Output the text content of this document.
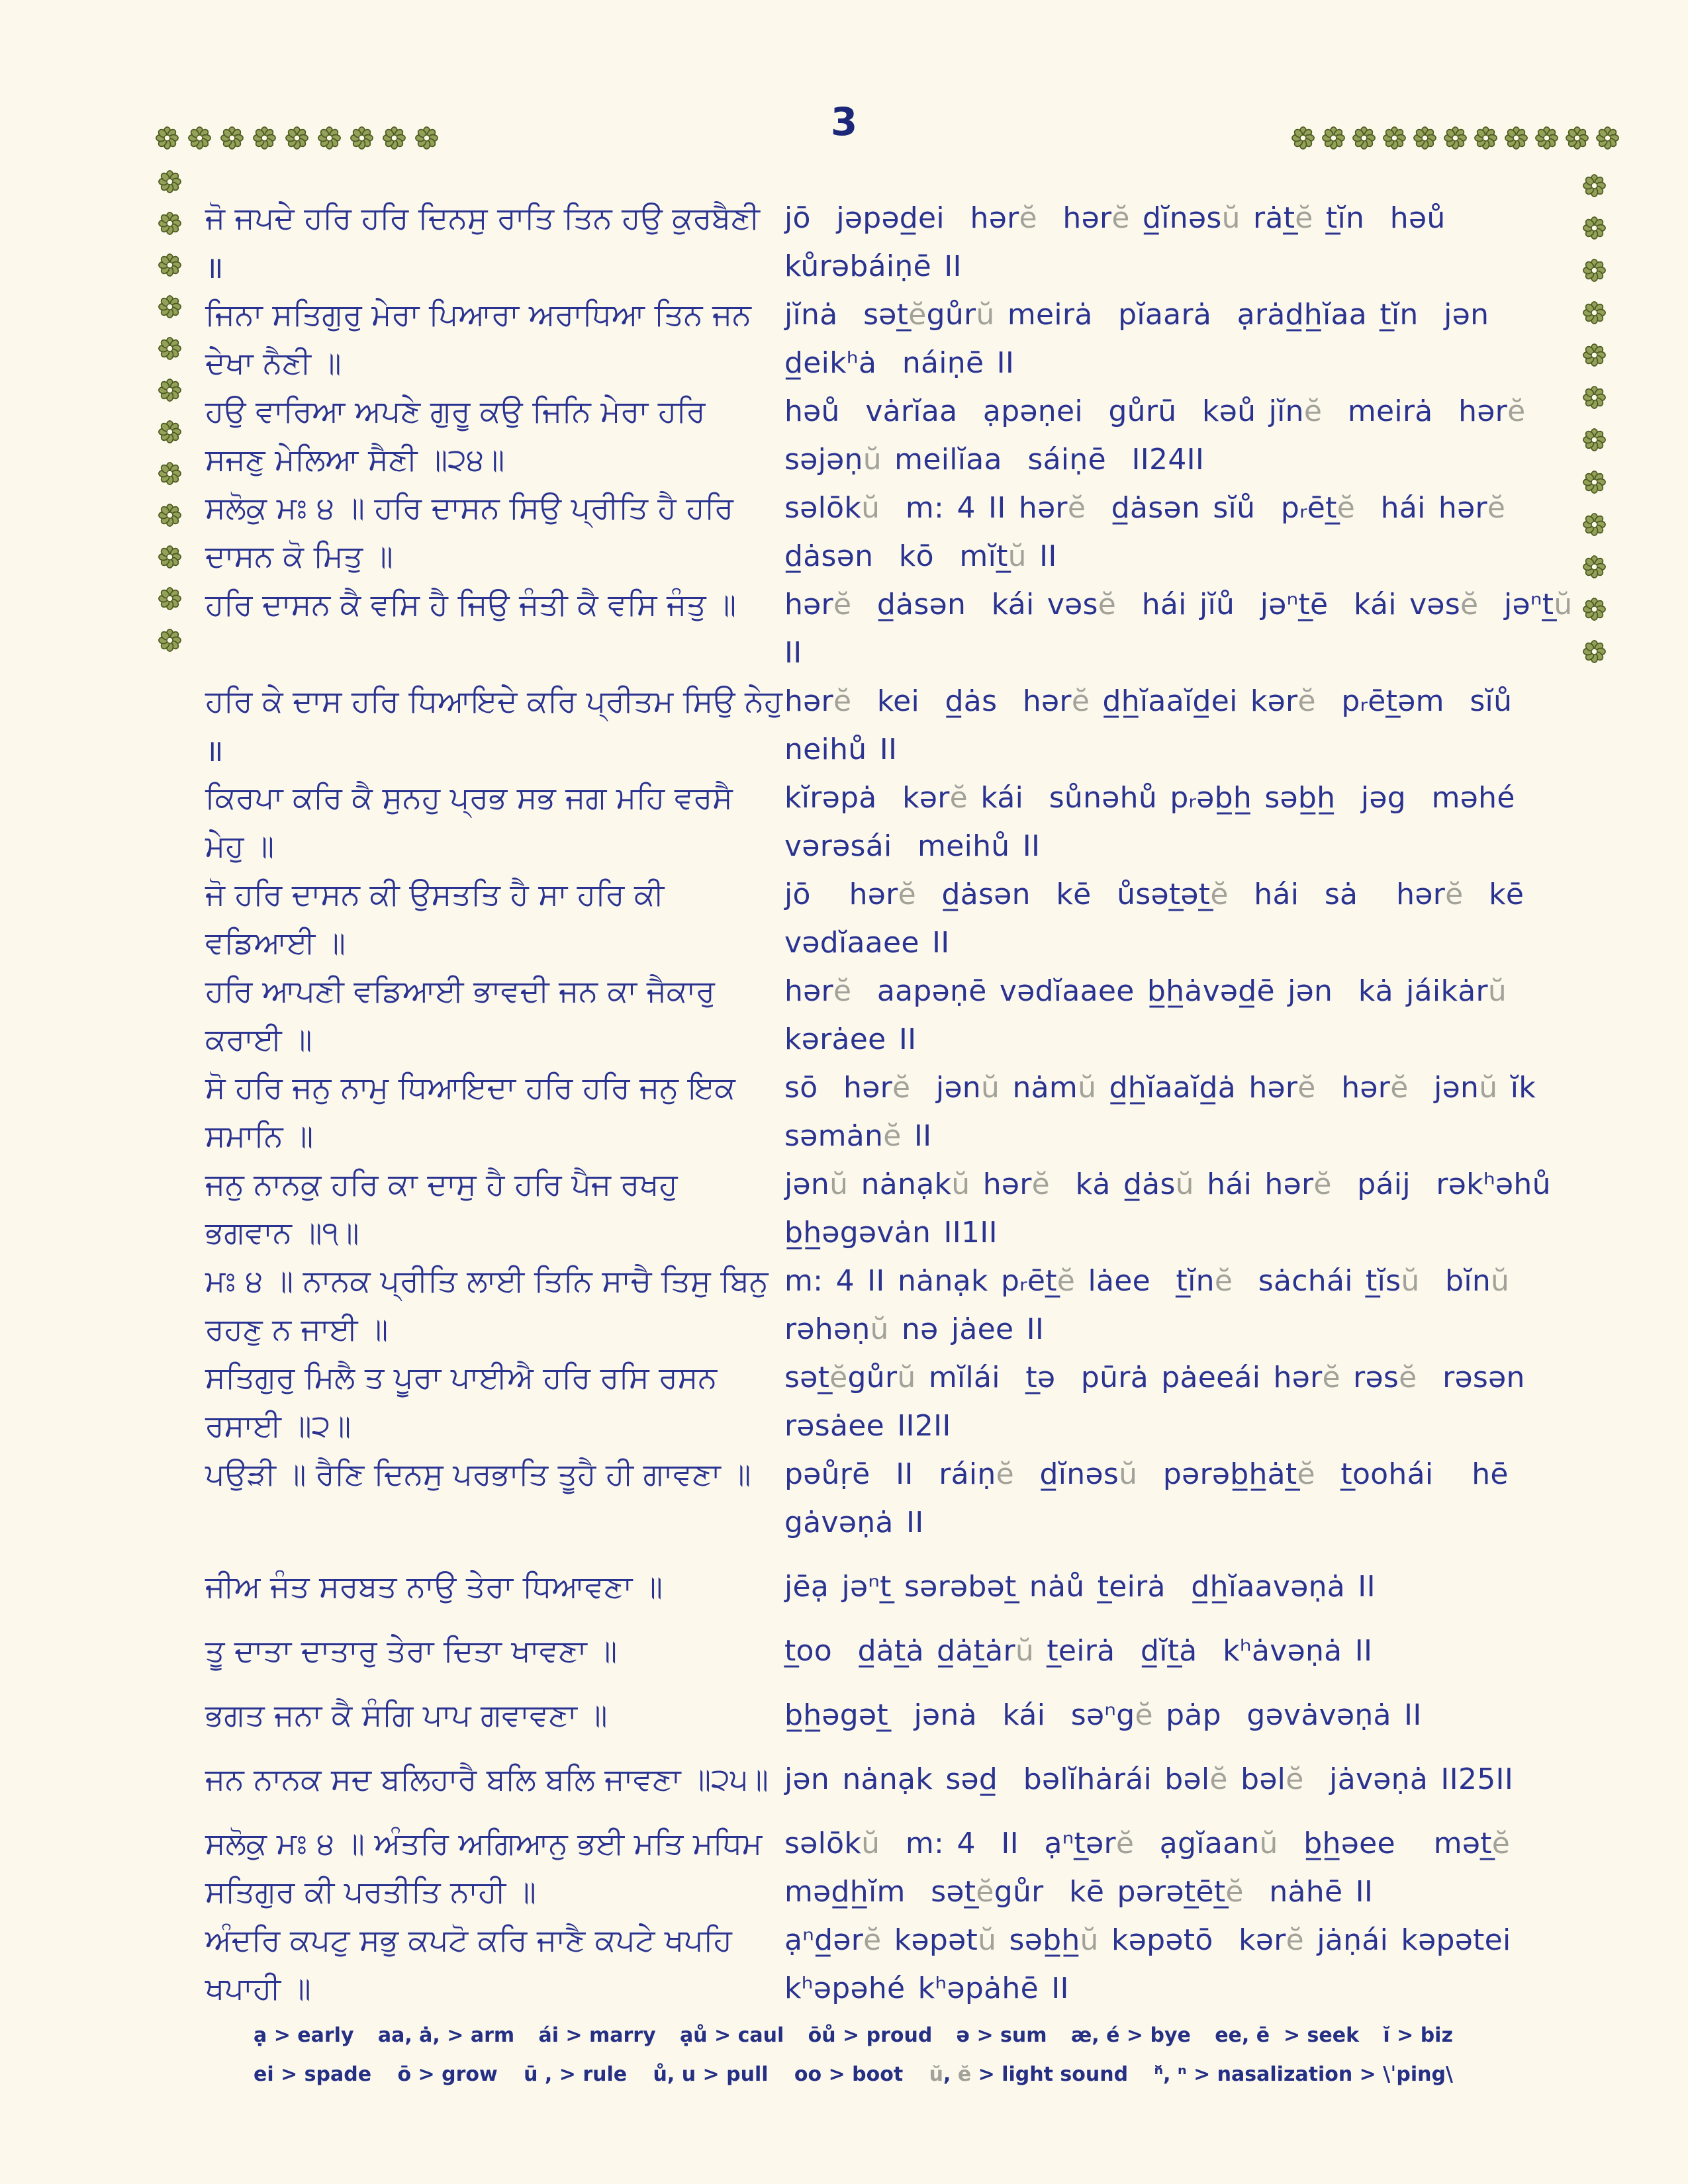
3
ਜੋ ਜਪਦੇ ਹਰਿ ਹਰਿ ਦਿਨਸੁ ਰਾਤਿ ਤਿਨ ਹਉ ਕੁਰਬੈਣੀ jō  jəpəd̲ei  hərĕ  hərĕ d̲ĭnəsŭ rȧt̲ĕ t̲ĭn  həů
॥	kůrəbáiṇē II
ਜਿਨਾ ਸਤਿਗੁਰੁ ਮੇਰਾ ਪਿਆਰਾ ਅਰਾਧਿਆ ਤਿਨ ਜਨ	jĭnȧ  sət̲ĕgůrŭ meirȧ  pĭaarȧ  ạrȧd̲h̲ĭaa t̲ĭn  jən
ਦੇਖਾ ਨੈਣੀ ॥	d̲eikʰȧ  náiṇē II
ਹਉ ਵਾਰਿਆ ਅਪਣੇ ਗੁਰੂ ਕਉ ਜਿਨਿ ਮੇਰਾ ਹਰਿ	həů  vȧrĭaa  ạpəṇei  gůrū  kəů jĭnĕ  meirȧ  hərĕ
ਸਜਣੁ ਮੇਲਿਆ ਸੈਣੀ ॥੨੪॥	səjəṇŭ meilĭaa  sáiṇē  II24II
ਸਲੋਕੁ ਮਃ ੪ ॥ ਹਰਿ ਦਾਸਨ ਸਿਉ ਪ੍ਰੀਤਿ ਹੈ ਹਰਿ	səlōkŭ  m: 4 II hərĕ  d̲ȧsən sĭů  pᵣēt̲ĕ  hái hərĕ
ਦਾਸਨ ਕੋ ਮਿਤੁ ॥	d̲ȧsən  kō  mĭt̲ŭ II
ਹਰਿ ਦਾਸਨ ਕੈ ਵਸਿ ਹੈ ਜਿਉ ਜੰਤੀ ਕੈ ਵਸਿ ਜੰਤੁ ॥	hərĕ  d̲ȧsən  kái vəsĕ  hái jĭů  jəⁿt̲ē  kái vəsĕ  jəⁿt̲ŭ
II
ਹਰਿ ਕੇ ਦਾਸ ਹਰਿ ਧਿਆਇਦੇ ਕਰਿ ਪ੍ਰੀਤਮ ਸਿਉ ਨੇਹੁ hərĕ  kei  d̲ȧs  hərĕ d̲h̲ĭaaĭd̲ei kərĕ  pᵣēt̲əm  sĭů
॥	neihů II
ਕਿਰਪਾ ਕਰਿ ਕੈ ਸੁਨਹੁ ਪ੍ਰਭ ਸਭ ਜਗ ਮਹਿ ਵਰਸੈ	kĭrəpȧ  kərĕ kái  sůnəhů pᵣəb̲h̲ səb̲h̲  jəg  məhé
ਮੇਹੁ ॥	vərəsái  meihů II
ਜੋ ਹਰਿ ਦਾਸਨ ਕੀ ਉਸਤਤਿ ਹੈ ਸਾ ਹਰਿ ਕੀ	jō   hərĕ  d̲ȧsən  kē  ůsət̲ət̲ĕ  hái  sȧ   hərĕ  kē
ਵਡਿਆਈ ॥	vədĭaaee II
ਹਰਿ ਆਪਣੀ ਵਡਿਆਈ ਭਾਵਦੀ ਜਨ ਕਾ ਜੈਕਾਰੁ	hərĕ  aapəṇē vədĭaaee b̲h̲ȧvəd̲ē jən  kȧ jáikȧrŭ
ਕਰਾਈ ॥	kərȧee II
ਸੋ ਹਰਿ ਜਨੁ ਨਾਮੁ ਧਿਆਇਦਾ ਹਰਿ ਹਰਿ ਜਨੁ ਇਕ	sō  hərĕ  jənŭ nȧmŭ d̲h̲ĭaaĭd̲ȧ hərĕ  hərĕ  jənŭ ĭk
ਸਮਾਨਿ ॥	səmȧnĕ II
ਜਨੁ ਨਾਨਕੁ ਹਰਿ ਕਾ ਦਾਸੁ ਹੈ ਹਰਿ ਪੈਜ ਰਖਹੁ	jənŭ nȧnạkŭ hərĕ  kȧ d̲ȧsŭ hái hərĕ  páij  rəkʰəhů
ਭਗਵਾਨ ॥੧॥	b̲h̲əgəvȧn II1II
ਮਃ ੪ ॥ ਨਾਨਕ ਪ੍ਰੀਤਿ ਲਾਈ ਤਿਨਿ ਸਾਚੈ ਤਿਸੁ ਬਿਨੁ m: 4 II nȧnạk pᵣēt̲ĕ lȧee  t̲ĭnĕ  sȧchái t̲ĭsŭ  bĭnŭ
ਰਹਣੁ ਨ ਜਾਈ ॥	rəhəṇŭ nə jȧee II
ਸਤਿਗੁਰੁ ਮਿਲੈ ਤ ਪੂਰਾ ਪਾਈਐ ਹਰਿ ਰਸਿ ਰਸਨ	sət̲ĕgůrŭ mĭlái  t̲ə  pūrȧ pȧeeái hərĕ rəsĕ  rəsən
ਰਸਾਈ ॥੨॥	rəsȧee II2II
ਪਉੜੀ ॥ ਰੈਣਿ ਦਿਨਸੁ ਪਰਭਾਤਿ ਤੂਹੈ ਹੀ ਗਾਵਣਾ ॥	pəůṛē  II  ráiṇĕ  d̲ĭnəsŭ  pərəb̲h̲ȧt̲ĕ  t̲oohái   hē
gȧvəṇȧ II
ਜੀਅ ਜੰਤ ਸਰਬਤ ਨਾਉ ਤੇਰਾ ਧਿਆਵਣਾ ॥	jēạ jəⁿt̲ sərəbət̲ nȧů t̲eirȧ  d̲h̲ĭaavəṇȧ II
ਤੂ ਦਾਤਾ ਦਾਤਾਰੁ ਤੇਰਾ ਦਿਤਾ ਖਾਵਣਾ ॥	t̲oo  d̲ȧt̲ȧ d̲ȧt̲ȧrŭ t̲eirȧ  d̲ĭt̲ȧ  kʰȧvəṇȧ II
ਭਗਤ ਜਨਾ ਕੈ ਸੰਗਿ ਪਾਪ ਗਵਾਵਣਾ ॥	b̲h̲əgət̲  jənȧ  kái  səⁿgĕ pȧp  gəvȧvəṇȧ II
ਜਨ ਨਾਨਕ ਸਦ ਬਲਿਹਾਰੈ ਬਲਿ ਬਲਿ ਜਾਵਣਾ ॥੨੫॥ jən nȧnạk səd̲  bəlĭhȧrái bəlĕ bəlĕ  jȧvəṇȧ II25II
ਸਲੋਕੁ ਮਃ ੪ ॥ ਅੰਤਰਿ ਅਗਿਆਨੁ ਭਈ ਮਤਿ ਮਧਿਮ səlōkŭ  m: 4  II  ạⁿt̲ərĕ  ạgĭaanŭ  b̲h̲əee   mət̲ĕ
ਸਤਿਗੁਰ ਕੀ ਪਰਤੀਤਿ ਨਾਹੀ ॥	məd̲h̲ĭm  sət̲ĕgůr  kē pərət̲ēt̲ĕ  nȧhē II
ਅੰਦਰਿ ਕਪਟੁ ਸਭੁ ਕਪਟੋ ਕਰਿ ਜਾਣੈ ਕਪਟੇ ਖਪਹਿ	ạⁿd̲ərĕ kəpətŭ səb̲h̲ŭ kəpətō  kərĕ jȧṇái kəpətei
ਖਪਾਹੀ ॥	kʰəpəhé kʰəpȧhē II
ạ > early aa, ȧ, > arm ái > marry ạů > caul ōů > proud ə > sum æ, é > bye ee, ē  > seek ĭ > biz
ei > spade ō > grow ū , > rule ů, u > pull oo > boot ŭ, ĕ > light sound ⁿ̆, ⁿ > nasalization > \ˈping\
